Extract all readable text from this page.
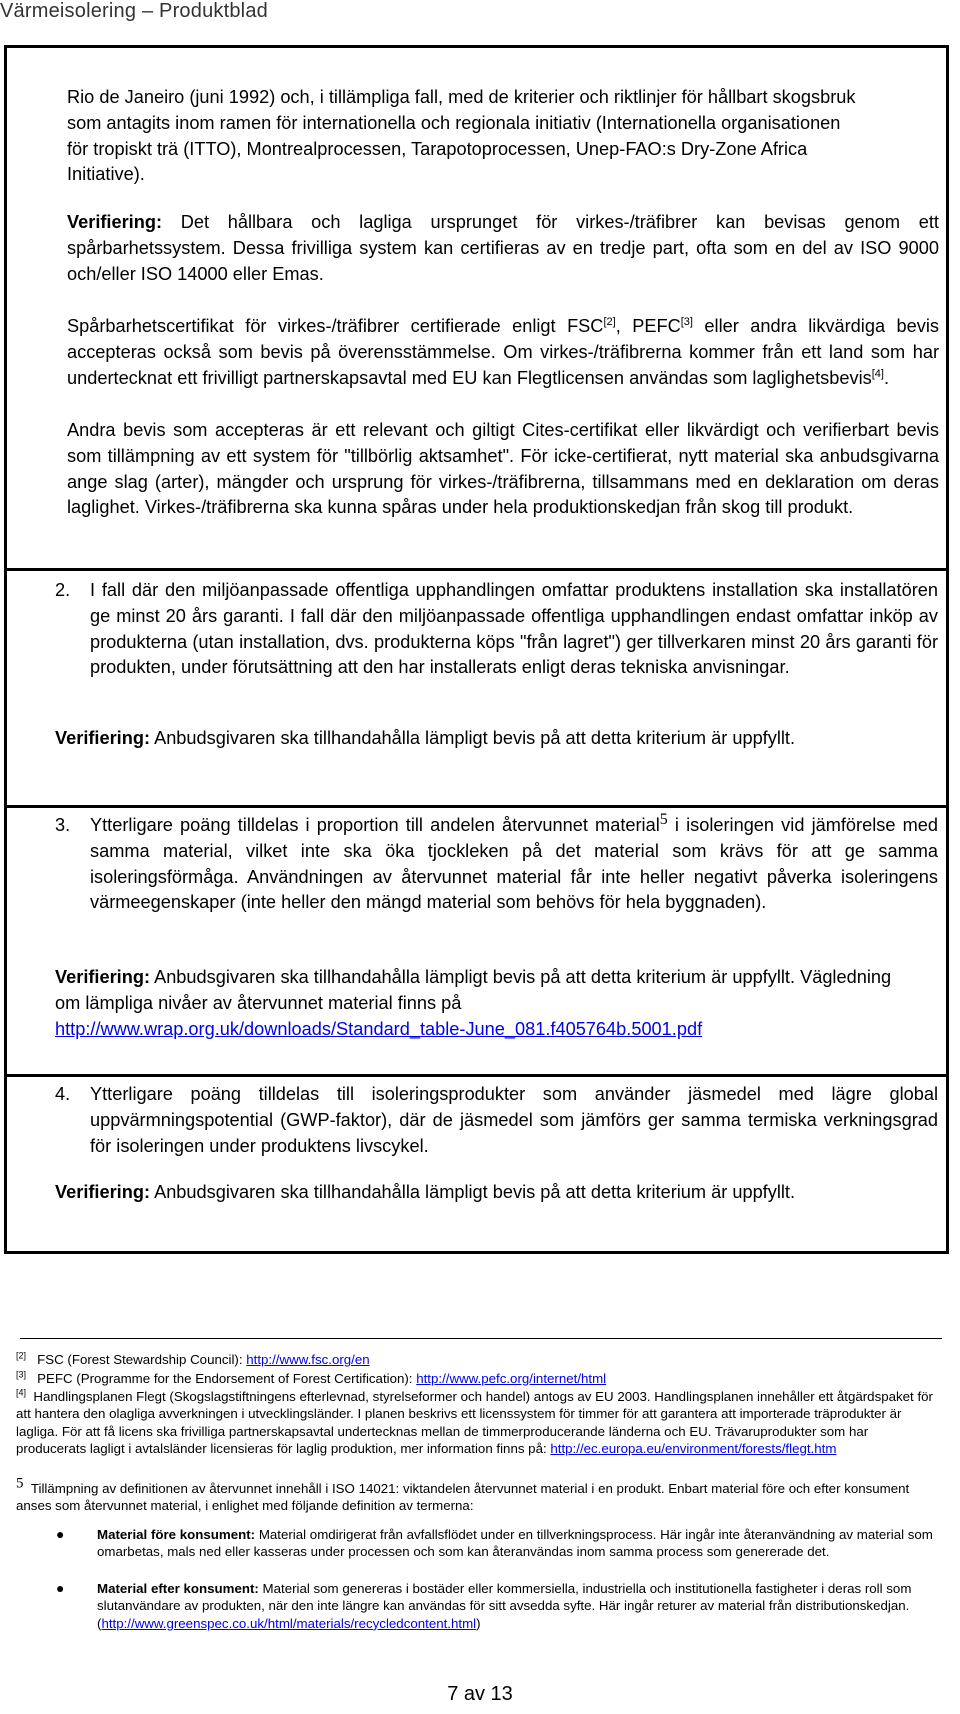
Värmeisolering – Produktblad

Rio de Janeiro (juni 1992) och, i tillämpliga fall, med de kriterier och riktlinjer för hållbart skogsbruk som antagits inom ramen för internationella och regionala initiativ (Internationella organisationen för tropiskt trä (ITTO), Montrealprocessen, Tarapotoprocessen, Unep-FAO:s Dry-Zone Africa Initiative).

Verifiering: Det hållbara och lagliga ursprunget för virkes-/träfibrer kan bevisas genom ett spårbarhetssystem. Dessa frivilliga system kan certifieras av en tredje part, ofta som en del av ISO 9000 och/eller ISO 14000 eller Emas.

Spårbarhetscertifikat för virkes-/träfibrer certifierade enligt FSC[2], PEFC[3] eller andra likvärdiga bevis accepteras också som bevis på överensstämmelse. Om virkes-/träfibrerna kommer från ett land som har undertecknat ett frivilligt partnerskapsavtal med EU kan Flegtlicensen användas som laglighetsbevis[4].

Andra bevis som accepteras är ett relevant och giltigt Cites-certifikat eller likvärdigt och verifierbart bevis som tillämpning av ett system för "tillbörlig aktsamhet". För icke-certifierat, nytt material ska anbudsgivarna ange slag (arter), mängder och ursprung för virkes-/träfibrerna, tillsammans med en deklaration om deras laglighet. Virkes-/träfibrerna ska kunna spåras under hela produktionskedjan från skog till produkt.

2. I fall där den miljöanpassade offentliga upphandlingen omfattar produktens installation ska installatören ge minst 20 års garanti. I fall där den miljöanpassade offentliga upphandlingen endast omfattar inköp av produkterna (utan installation, dvs. produkterna köps "från lagret") ger tillverkaren minst 20 års garanti för produkten, under förutsättning att den har installerats enligt deras tekniska anvisningar.

Verifiering: Anbudsgivaren ska tillhandahålla lämpligt bevis på att detta kriterium är uppfyllt.

3. Ytterligare poäng tilldelas i proportion till andelen återvunnet material$^5$ i isoleringen vid jämförelse med samma material, vilket inte ska öka tjockleken på det material som krävs för att ge samma isoleringsförmåga. Användningen av återvunnet material får inte heller negativt påverka isoleringens värmeegenskaper (inte heller den mängd material som behövs för hela byggnaden).

Verifiering: Anbudsgivaren ska tillhandahålla lämpligt bevis på att detta kriterium är uppfyllt. Vägledning om lämpliga nivåer av återvunnet material finns på
http://www.wrap.org.uk/downloads/Standard_table-June_081.f405764b.5001.pdf

4. Ytterligare poäng tilldelas till isoleringsprodukter som använder jäsmedel med lägre global uppvärmningspotential (GWP-faktor), där de jäsmedel som jämförs ger samma termiska verkningsgrad för isoleringen under produktens livscykel.

Verifiering: Anbudsgivaren ska tillhandahålla lämpligt bevis på att detta kriterium är uppfyllt.

[2] FSC (Forest Stewardship Council): http://www.fsc.org/en

[3] PEFC (Programme for the Endorsement of Forest Certification): http://www.pefc.org/internet/html

[4] Handlingsplanen Flegt (Skogslagstiftningens efterlevnad, styrelseformer och handel) antogs av EU 2003. Handlingsplanen innehåller ett åtgärdspaket för att hantera den olagliga avverkningen i utvecklingsländer. I planen beskrivs ett licenssystem för timmer för att garantera att importerade träprodukter är lagliga. För att få licens ska frivilliga partnerskapsavtal undertecknas mellan de timmerproducerande länderna och EU. Trävaruprodukter som har producerats lagligt i avtalsländer licensieras för laglig produktion, mer information finns på: http://ec.europa.eu/environment/forests/flegt.htm

5 Tillämpning av definitionen av återvunnet innehåll i ISO 14021: viktandelen återvunnet material i en produkt. Enbart material före och efter konsument anses som återvunnet material, i enlighet med följande definition av termerna:

● Material före konsument: Material omdirigerat från avfallsflödet under en tillverkningsprocess. Här ingår inte återanvändning av material som omarbetas, mals ned eller kasseras under processen och som kan återanvändas inom samma process som genererade det.

● Material efter konsument: Material som genereras i bostäder eller kommersiella, industriella och institutionella fastigheter i deras roll som slutanvändare av produkten, när den inte längre kan användas för sitt avsedda syfte. Här ingår returer av material från distributionskedjan. (http://www.greenspec.co.uk/html/materials/recycledcontent.html)

7 av 13
